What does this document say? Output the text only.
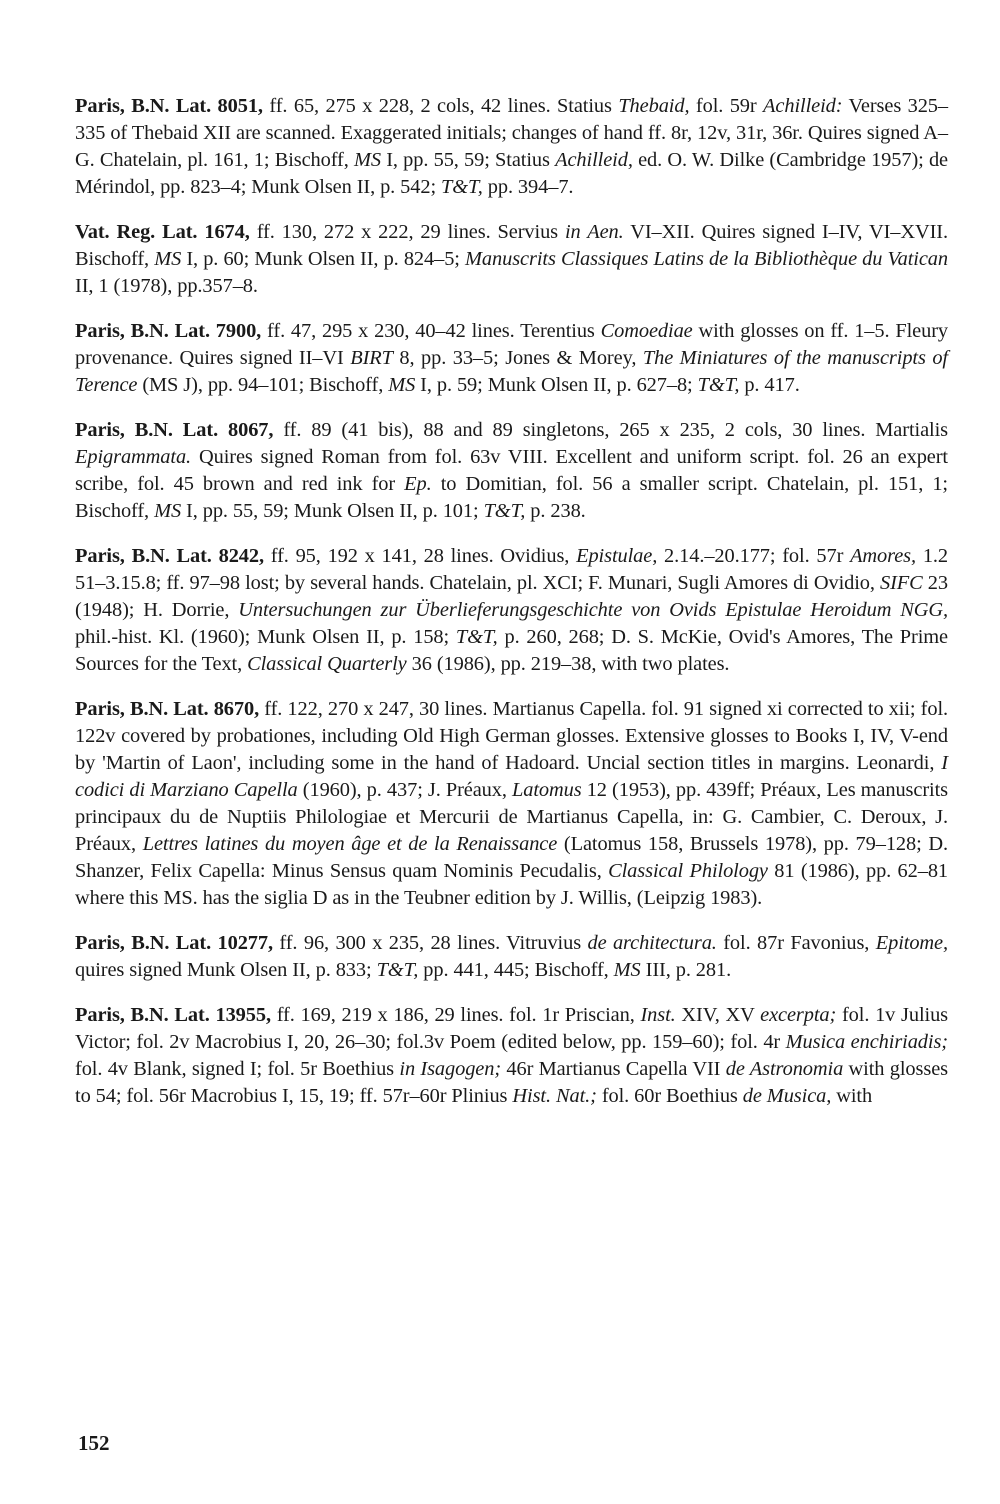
Paris, B.N. Lat. 8051, ff. 65, 275 x 228, 2 cols, 42 lines. Statius Thebaid, fol. 59r Achilleid: Verses 325–335 of Thebaid XII are scanned. Exaggerated initials; changes of hand ff. 8r, 12v, 31r, 36r. Quires signed A–G. Chatelain, pl. 161, 1; Bischoff, MS I, pp. 55, 59; Statius Achilleid, ed. O. W. Dilke (Cambridge 1957); de Mérindol, pp. 823–4; Munk Olsen II, p. 542; T&T, pp. 394–7.

Vat. Reg. Lat. 1674, ff. 130, 272 x 222, 29 lines. Servius in Aen. VI–XII. Quires signed I–IV, VI–XVII. Bischoff, MS I, p. 60; Munk Olsen II, p. 824–5; Manuscrits Classiques Latins de la Bibliothèque du Vatican II, 1 (1978), pp.357–8.

Paris, B.N. Lat. 7900, ff. 47, 295 x 230, 40–42 lines. Terentius Comoediae with glosses on ff. 1–5. Fleury provenance. Quires signed II–VI BIRT 8, pp. 33–5; Jones & Morey, The Miniatures of the manuscripts of Terence (MS J), pp. 94–101; Bischoff, MS I, p. 59; Munk Olsen II, p. 627–8; T&T, p. 417.

Paris, B.N. Lat. 8067, ff. 89 (41 bis), 88 and 89 singletons, 265 x 235, 2 cols, 30 lines. Martialis Epigrammata. Quires signed Roman from fol. 63v VIII. Excellent and uniform script. fol. 26 an expert scribe, fol. 45 brown and red ink for Ep. to Domitian, fol. 56 a smaller script. Chatelain, pl. 151, 1; Bischoff, MS I, pp. 55, 59; Munk Olsen II, p. 101; T&T, p. 238.

Paris, B.N. Lat. 8242, ff. 95, 192 x 141, 28 lines. Ovidius, Epistulae, 2.14.–20.177; fol. 57r Amores, 1.2 51–3.15.8; ff. 97–98 lost; by several hands. Chatelain, pl. XCI; F. Munari, Sugli Amores di Ovidio, SIFC 23 (1948); H. Dorrie, Untersuchungen zur Überlieferungsgeschichte von Ovids Epistulae Heroidum NGG, phil.-hist. Kl. (1960); Munk Olsen II, p. 158; T&T, p. 260, 268; D. S. McKie, Ovid's Amores, The Prime Sources for the Text, Classical Quarterly 36 (1986), pp. 219–38, with two plates.

Paris, B.N. Lat. 8670, ff. 122, 270 x 247, 30 lines. Martianus Capella. fol. 91 signed xi corrected to xii; fol. 122v covered by probationes, including Old High German glosses. Extensive glosses to Books I, IV, V-end by 'Martin of Laon', including some in the hand of Hadoard. Uncial section titles in margins. Leonardi, I codici di Marziano Capella (1960), p. 437; J. Préaux, Latomus 12 (1953), pp. 439ff; Préaux, Les manuscrits principaux du de Nuptiis Philologiae et Mercurii de Martianus Capella, in: G. Cambier, C. Deroux, J. Préaux, Lettres latines du moyen âge et de la Renaissance (Latomus 158, Brussels 1978), pp. 79–128; D. Shanzer, Felix Capella: Minus Sensus quam Nominis Pecudalis, Classical Philology 81 (1986), pp. 62–81 where this MS. has the siglia D as in the Teubner edition by J. Willis, (Leipzig 1983).

Paris, B.N. Lat. 10277, ff. 96, 300 x 235, 28 lines. Vitruvius de architectura. fol. 87r Favonius, Epitome, quires signed Munk Olsen II, p. 833; T&T, pp. 441, 445; Bischoff, MS III, p. 281.

Paris, B.N. Lat. 13955, ff. 169, 219 x 186, 29 lines. fol. 1r Priscian, Inst. XIV, XV excerpta; fol. 1v Julius Victor; fol. 2v Macrobius I, 20, 26–30; fol.3v Poem (edited below, pp. 159–60); fol. 4r Musica enchiriadis; fol. 4v Blank, signed I; fol. 5r Boethius in Isagogen; 46r Martianus Capella VII de Astronomia with glosses to 54; fol. 56r Macrobius I, 15, 19; ff. 57r–60r Plinius Hist. Nat.; fol. 60r Boethius de Musica, with

152
